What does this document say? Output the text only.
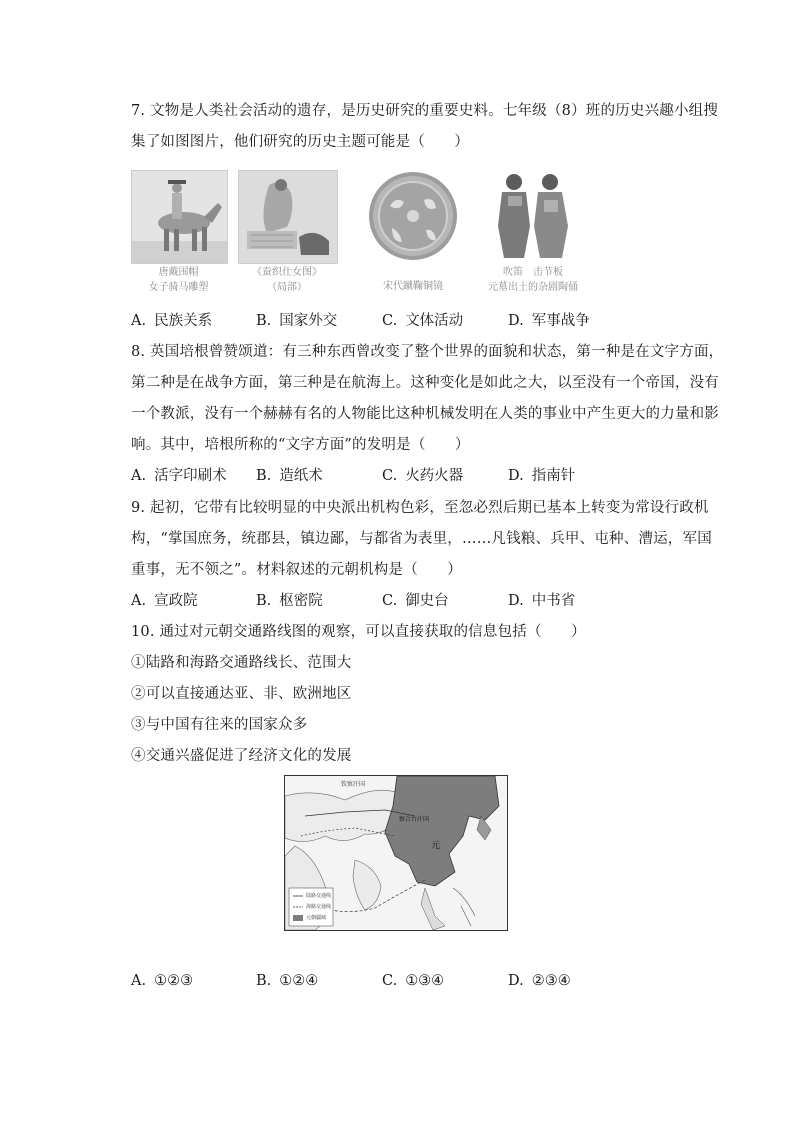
7. 文物是人类社会活动的遗存，是历史研究的重要史料。七年级（8）班的历史兴趣小组搜
集了如图图片，他们研究的历史主题可能是（　　）
唐戴围帽
女子骑马雕塑
《蚕织仕女图》
（局部）	宋代蹴鞠铜镜
吹笛　击节板
元墓出土的杂剧陶俑
A. 民族关系	B. 国家外交	C. 文体活动	D. 军事战争
8. 英国培根曾赞颂道：有三种东西曾改变了整个世界的面貌和状态，第一种是在文字方面，
第二种是在战争方面，第三种是在航海上。这种变化是如此之大，以至没有一个帝国，没有
一个教派，没有一个赫赫有名的人物能比这种机械发明在人类的事业中产生更大的力量和影
响。其中，培根所称的“文字方面”的发明是（　　）
A. 活字印刷术 B. 造纸术	C. 火药火器	D. 指南针
9. 起初，它带有比较明显的中央派出机构色彩，至忽必烈后期已基本上转变为常设行政机
构，“掌国庶务，统郡县，镇边鄙，与都省为表里，……凡钱粮、兵甲、屯种、漕运，军国
重事，无不领之”。材料叙述的元朝机构是（　　）
A. 宣政院	B. 枢密院	C. 御史台	D. 中书省
10. 通过对元朝交通路线图的观察，可以直接获取的信息包括（　　）
①陆路和海路交通路线长、范围大
②可以直接通达亚、非、欧洲地区
③与中国有往来的国家众多
④交通兴盛促进了经济文化的发展
钦察汗国
察合台汗国
元
陆路交通线
海路交通线
元朝疆域
A. ①②③	B. ①②④	C. ①③④	D. ②③④
